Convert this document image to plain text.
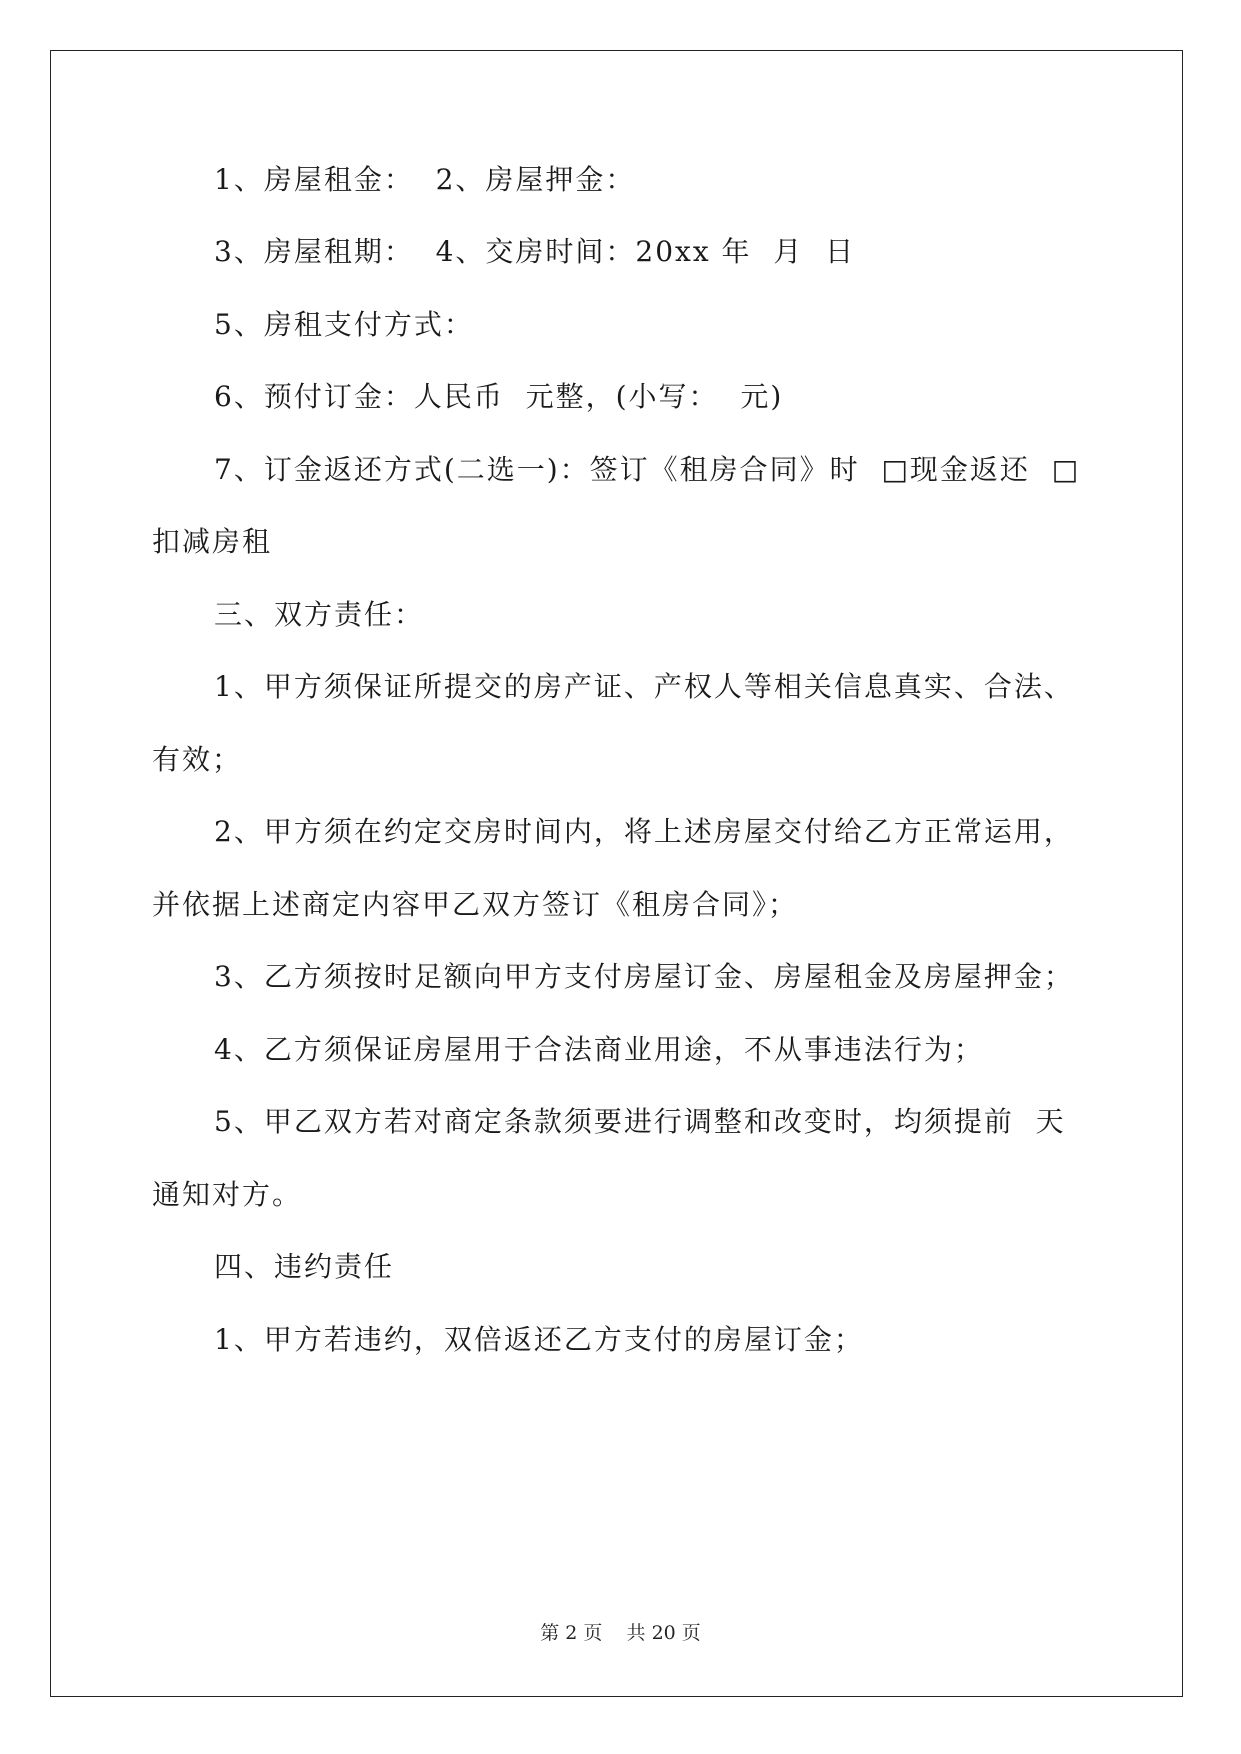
1、房屋租金：  2、房屋押金：

3、房屋租期：  4、交房时间：20xx 年  月  日

5、房租支付方式：

6、预付订金：人民币  元整，(小写：  元)

7、订金返还方式(二选一)：签订《租房合同》时  □现金返还  □

扣减房租

三、双方责任：

1、甲方须保证所提交的房产证、产权人等相关信息真实、合法、

有效；

2、甲方须在约定交房时间内，将上述房屋交付给乙方正常运用，

并依据上述商定内容甲乙双方签订《租房合同》；

3、乙方须按时足额向甲方支付房屋订金、房屋租金及房屋押金；

4、乙方须保证房屋用于合法商业用途，不从事违法行为；

5、甲乙双方若对商定条款须要进行调整和改变时，均须提前  天

通知对方。

四、违约责任

1、甲方若违约，双倍返还乙方支付的房屋订金；

第 2 页    共 20 页
